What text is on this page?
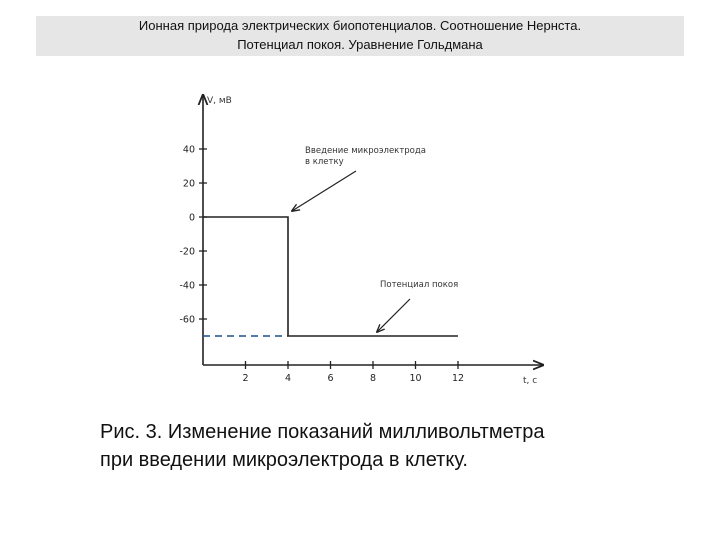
Ионная природа электрических биопотенциалов. Соотношение Нернста.
Потенциал покоя. Уравнение Гольдмана
V, мВ
t, c
40
20
0
-20
-40
-60
2	4	6	8	10	12
Введение микроэлектрода
в клетку
Потенциал покоя
Рис. 3. Изменение показаний милливольтметра
при введении микроэлектрода в клетку.
